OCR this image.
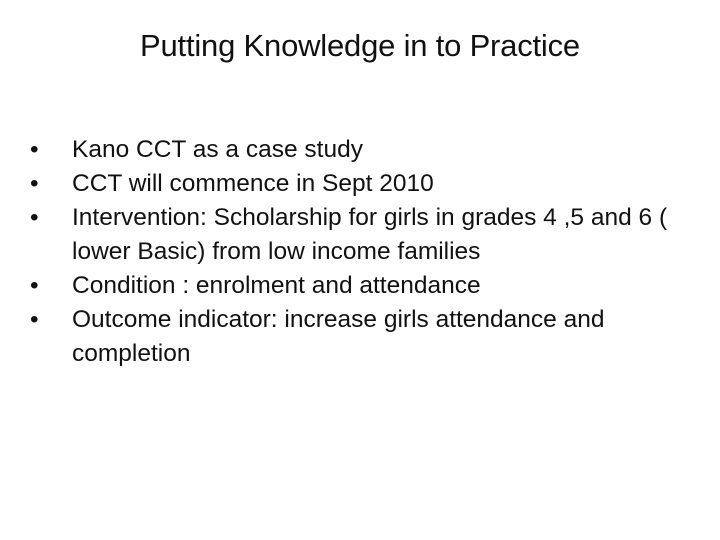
Putting Knowledge in to Practice
•	Kano CCT as a case study
•	CCT will commence in Sept 2010
•	Intervention: Scholarship for girls in grades 4 ,5 and 6 ( lower Basic) from low income families
•	Condition : enrolment and attendance
•	Outcome indicator: increase girls attendance and completion
